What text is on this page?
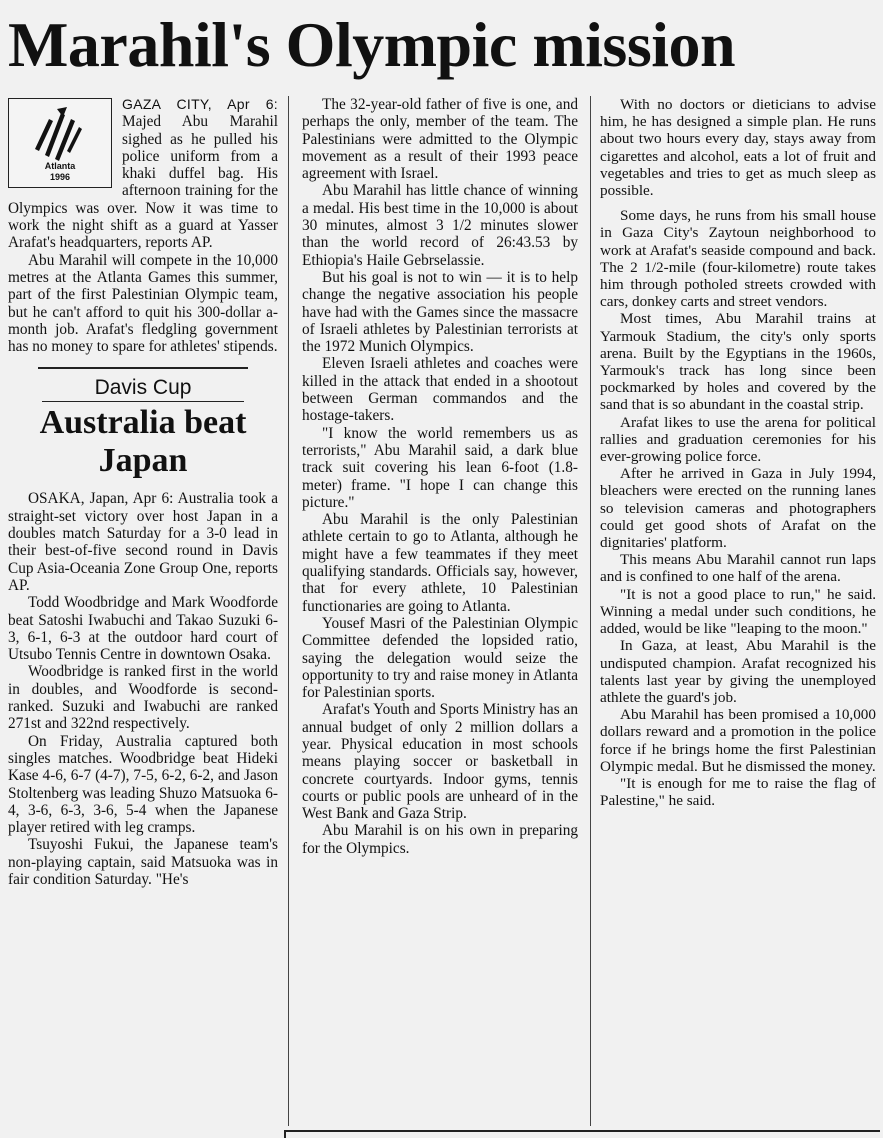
Marahil's Olympic mission
Atlanta
1996

GAZA CITY, Apr 6: Majed Abu Marahil sighed as he pulled his police uniform from a khaki duffel bag. His afternoon training for the Olympics was over. Now it was time to work the night shift as a guard at Yasser Arafat's headquarters, reports AP.

Abu Marahil will compete in the 10,000 metres at the Atlanta Games this summer, part of the first Palestinian Olympic team, but he can't afford to quit his 300-dollar a-month job. Arafat's fledgling government has no money to spare for athletes' stipends.

Davis Cup
Australia beat
Japan

OSAKA, Japan, Apr 6: Australia took a straight-set victory over host Japan in a doubles match Saturday for a 3-0 lead in their best-of-five second round in Davis Cup Asia-Oceania Zone Group One, reports AP.

Todd Woodbridge and Mark Woodforde beat Satoshi Iwabuchi and Takao Suzuki 6-3, 6-1, 6-3 at the outdoor hard court of Utsubo Tennis Centre in downtown Osaka.

Woodbridge is ranked first in the world in doubles, and Woodforde is second-ranked. Suzuki and Iwabuchi are ranked 271st and 322nd respectively.

On Friday, Australia captured both singles matches. Woodbridge beat Hideki Kase 4-6, 6-7 (4-7), 7-5, 6-2, 6-2, and Jason Stoltenberg was leading Shuzo Matsuoka 6-4, 3-6, 6-3, 3-6, 5-4 when the Japanese player retired with leg cramps.

Tsuyoshi Fukui, the Japanese team's non-playing captain, said Matsuoka was in fair condition Saturday. "He's

The 32-year-old father of five is one, and perhaps the only, member of the team. The Palestinians were admitted to the Olympic movement as a result of their 1993 peace agreement with Israel.

Abu Marahil has little chance of winning a medal. His best time in the 10,000 is about 30 minutes, almost 3 1/2 minutes slower than the world record of 26:43.53 by Ethiopia's Haile Gebrselassie.

But his goal is not to win — it is to help change the negative association his people have had with the Games since the massacre of Israeli athletes by Palestinian terrorists at the 1972 Munich Olympics.

Eleven Israeli athletes and coaches were killed in the attack that ended in a shootout between German commandos and the hostage-takers.

"I know the world remembers us as terrorists," Abu Marahil said, a dark blue track suit covering his lean 6-foot (1.8-meter) frame. "I hope I can change this picture."

Abu Marahil is the only Palestinian athlete certain to go to Atlanta, although he might have a few teammates if they meet qualifying standards. Officials say, however, that for every athlete, 10 Palestinian functionaries are going to Atlanta.

Yousef Masri of the Palestinian Olympic Committee defended the lopsided ratio, saying the delegation would seize the opportunity to try and raise money in Atlanta for Palestinian sports.

Arafat's Youth and Sports Ministry has an annual budget of only 2 million dollars a year. Physical education in most schools means playing soccer or basketball in concrete courtyards. Indoor gyms, tennis courts or public pools are unheard of in the West Bank and Gaza Strip.

Abu Marahil is on his own in preparing for the Olympics.

With no doctors or dieticians to advise him, he has designed a simple plan. He runs about two hours every day, stays away from cigarettes and alcohol, eats a lot of fruit and vegetables and tries to get as much sleep as possible.

Some days, he runs from his small house in Gaza City's Zaytoun neighborhood to work at Arafat's seaside compound and back. The 2 1/2-mile (four-kilometre) route takes him through potholed streets crowded with cars, donkey carts and street vendors.

Most times, Abu Marahil trains at Yarmouk Stadium, the city's only sports arena. Built by the Egyptians in the 1960s, Yarmouk's track has long since been pockmarked by holes and covered by the sand that is so abundant in the coastal strip.

Arafat likes to use the arena for political rallies and graduation ceremonies for his ever-growing police force.

After he arrived in Gaza in July 1994, bleachers were erected on the running lanes so television cameras and photographers could get good shots of Arafat on the dignitaries' platform.

This means Abu Marahil cannot run laps and is confined to one half of the arena.

"It is not a good place to run," he said. Winning a medal under such conditions, he added, would be like "leaping to the moon."

In Gaza, at least, Abu Marahil is the undisputed champion. Arafat recognized his talents last year by giving the unemployed athlete the guard's job.

Abu Marahil has been promised a 10,000 dollars reward and a promotion in the police force if he brings home the first Palestinian Olympic medal. But he dismissed the money.

"It is enough for me to raise the flag of Palestine," he said.
